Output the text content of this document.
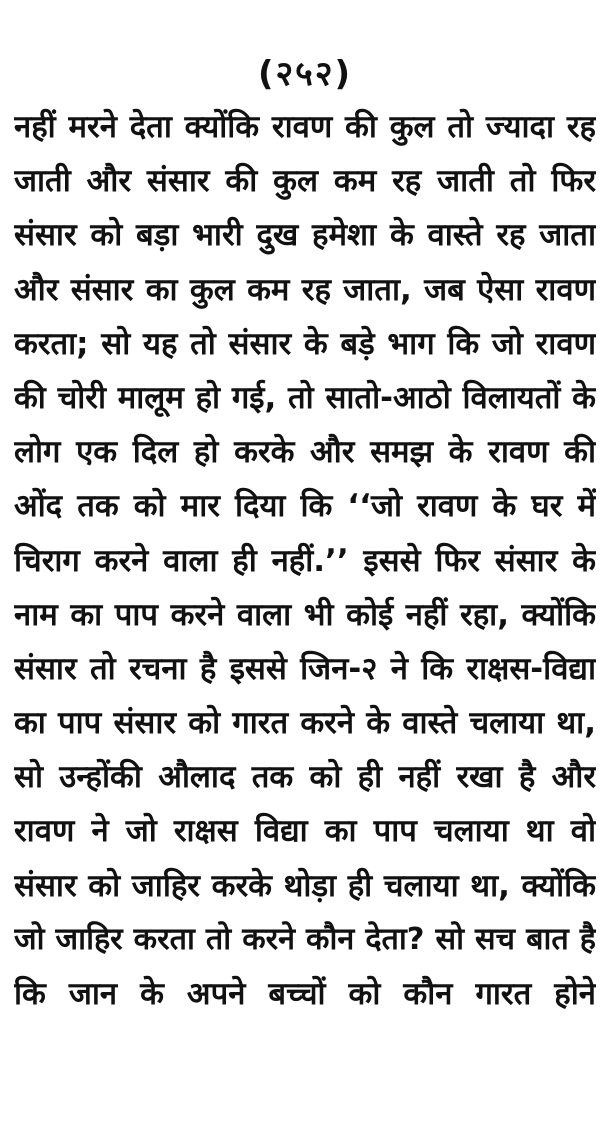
(२५२)
नहीं मरने देता क्योंकि रावण की कुल तो ज्यादा रह
जाती और संसार की कुल कम रह जाती तो फिर
संसार को बड़ा भारी दुख हमेशा के वास्ते रह जाता
और संसार का कुल कम रह जाता, जब ऐसा रावण
करता; सो यह तो संसार के बड़े भाग कि जो रावण
की चोरी मालूम हो गई, तो सातो-आठो विलायतों के
लोग एक दिल हो करके और समझ के रावण की
ओंद तक को मार दिया कि ‘‘जो रावण के घर में
चिराग करने वाला ही नहीं.’’ इससे फिर संसार के
नाम का पाप करने वाला भी कोई नहीं रहा, क्योंकि
संसार तो रचना है इससे जिन-२ ने कि राक्षस-विद्या
का पाप संसार को गारत करने के वास्ते चलाया था,
सो उन्होंकी औलाद तक को ही नहीं रखा है और
रावण ने जो राक्षस विद्या का पाप चलाया था वो
संसार को जाहिर करके थोड़ा ही चलाया था, क्योंकि
जो जाहिर करता तो करने कौन देता? सो सच बात है
कि जान के अपने बच्चों को कौन गारत होने
